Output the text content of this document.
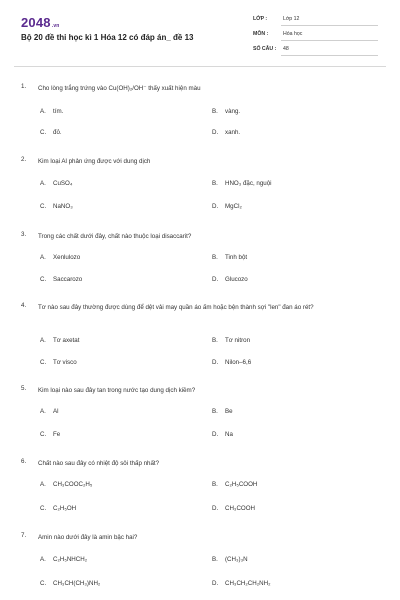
2048.vn
Bộ 20 đề thi học kì 1 Hóa 12 có đáp án_ đề 13
LỚP :	Lớp 12
MÔN :	Hóa học
SỐ CÂU : 48
1. Cho lòng trắng trứng vào Cu(OH)₂/OH⁻ thấy xuất hiện màu
A. tím.	B. vàng.
C. đỏ.	D. xanh.
2. Kim loại Al phản ứng được với dung dịch
A. CuSO₄	B. HNO₃ đặc, nguội
C. NaNO₃	D. MgCl₂
3. Trong các chất dưới đây, chất nào thuộc loại disaccarit?
A. Xenlulozo	B. Tinh bột
C. Saccarozo	D. Glucozo
4. Tơ nào sau đây thường được dùng để dệt vải may quần áo ấm hoặc bện thành sợi "len" đan áo rét?
A. Tơ axetat	B. Tơ nitron
C. Tơ visco	D. Nilon–6,6
5. Kim loại nào sau đây tan trong nước tạo dung dịch kiềm?
A. Al	B. Be
C. Fe	D. Na
6. Chất nào sau đây có nhiệt độ sôi thấp nhất?
A. CH₃COOC₂H₅	B. C₂H₅COOH
C. C₂H₅OH	D. CH₃COOH
7. Amin nào dưới đây là amin bậc hai?
A. C₂H₅NHCH₂	B. (CH₃)₃N
C. CH₃CH(CH₃)NH₂	D. CH₃CH₂CH₂NH₂
